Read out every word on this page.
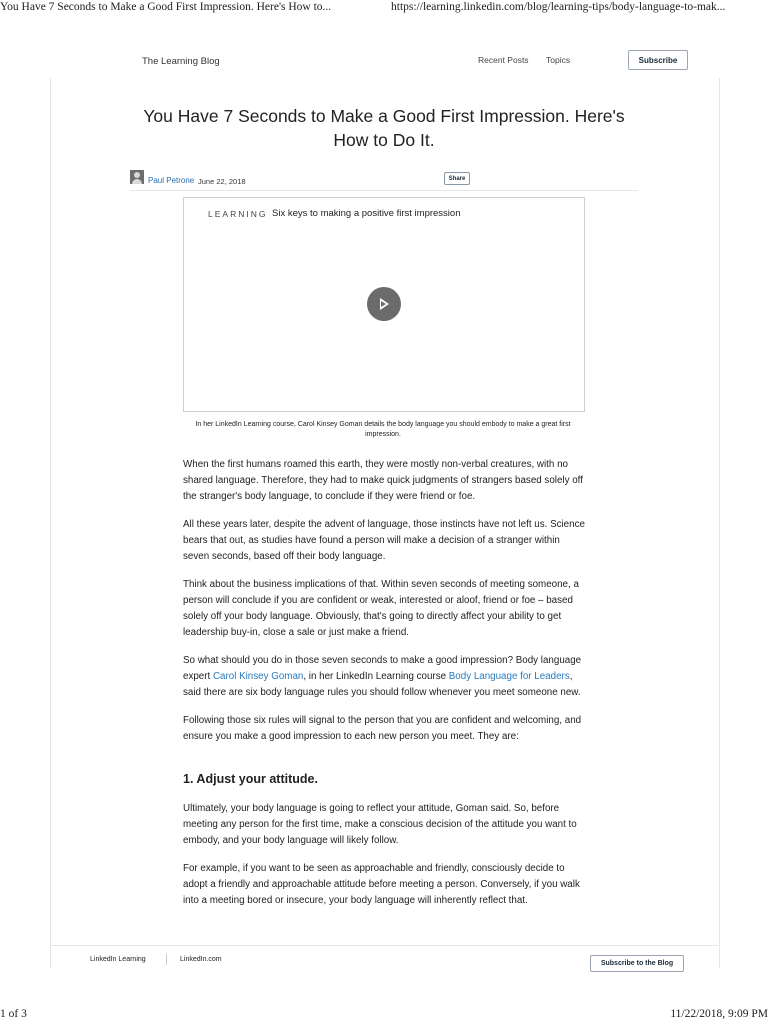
You Have 7 Seconds to Make a Good First Impression. Here's How to...	https://learning.linkedin.com/blog/learning-tips/body-language-to-mak...
The Learning Blog	Recent Posts Topics	Subscribe
You Have 7 Seconds to Make a Good First Impression. Here's How to Do It.
Paul Petrone June 22, 2018	Share
LEARNING Six keys to making a positive first impression
In her LinkedIn Learning course, Carol Kinsey Goman details the body language you should embody to make a great first impression.

When the first humans roamed this earth, they were mostly non-verbal creatures, with no shared language. Therefore, they had to make quick judgments of strangers based solely off the stranger's body language, to conclude if they were friend or foe.

All these years later, despite the advent of language, those instincts have not left us. Science bears that out, as studies have found a person will make a decision of a stranger within seven seconds, based off their body language.

Think about the business implications of that. Within seven seconds of meeting someone, a person will conclude if you are confident or weak, interested or aloof, friend or foe – based solely off your body language. Obviously, that's going to directly affect your ability to get leadership buy-in, close a sale or just make a friend.

So what should you do in those seven seconds to make a good impression? Body language expert Carol Kinsey Goman, in her LinkedIn Learning course Body Language for Leaders, said there are six body language rules you should follow whenever you meet someone new.

Following those six rules will signal to the person that you are confident and welcoming, and ensure you make a good impression to each new person you meet. They are:

1. Adjust your attitude.

Ultimately, your body language is going to reflect your attitude, Goman said. So, before meeting any person for the first time, make a conscious decision of the attitude you want to embody, and your body language will likely follow.

For example, if you want to be seen as approachable and friendly, consciously decide to adopt a friendly and approachable attitude before meeting a person. Conversely, if you walk into a meeting bored or insecure, your body language will inherently reflect that.

LinkedIn Learning	LinkedIn.com
Subscribe to the Blog
1 of 3	11/22/2018, 9:09 PM
